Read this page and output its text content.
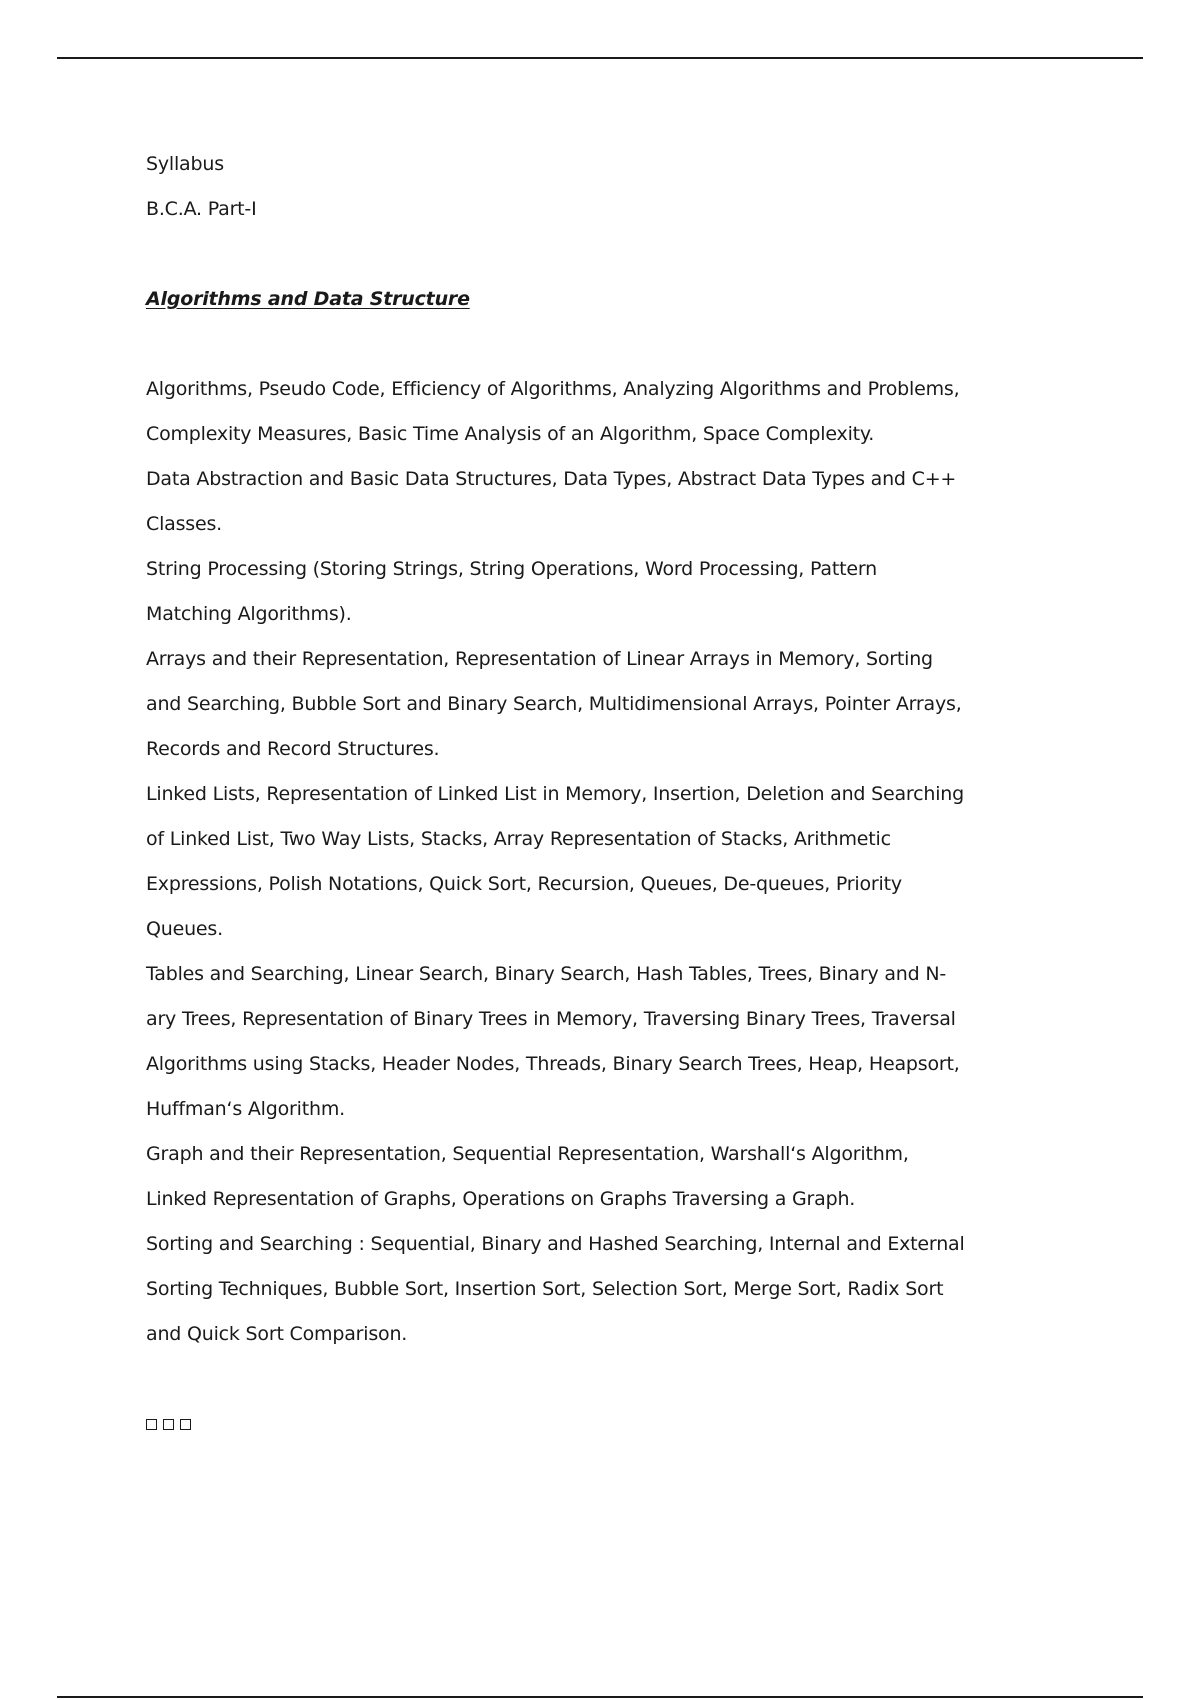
Syllabus

B.C.A. Part-I

Algorithms and Data Structure

Algorithms, Pseudo Code, Efficiency of Algorithms, Analyzing Algorithms and Problems, Complexity Measures, Basic Time Analysis of an Algorithm, Space Complexity.
Data Abstraction and Basic Data Structures, Data Types, Abstract Data Types and C++ Classes.
String Processing (Storing Strings, String Operations, Word Processing, Pattern Matching Algorithms).
Arrays and their Representation, Representation of Linear Arrays in Memory, Sorting and Searching, Bubble Sort and Binary Search, Multidimensional Arrays, Pointer Arrays, Records and Record Structures.
Linked Lists, Representation of Linked List in Memory, Insertion, Deletion and Searching of Linked List, Two Way Lists, Stacks, Array Representation of Stacks, Arithmetic Expressions, Polish Notations, Quick Sort, Recursion, Queues, De-queues, Priority Queues.
Tables and Searching, Linear Search, Binary Search, Hash Tables, Trees, Binary and N-ary Trees, Representation of Binary Trees in Memory, Traversing Binary Trees, Traversal Algorithms using Stacks, Header Nodes, Threads, Binary Search Trees, Heap, Heapsort, Huffman‘s Algorithm.
Graph and their Representation, Sequential Representation, Warshall‘s Algorithm, Linked Representation of Graphs, Operations on Graphs Traversing a Graph.
Sorting and Searching : Sequential, Binary and Hashed Searching, Internal and External Sorting Techniques, Bubble Sort, Insertion Sort, Selection Sort, Merge Sort, Radix Sort and Quick Sort Comparison.
